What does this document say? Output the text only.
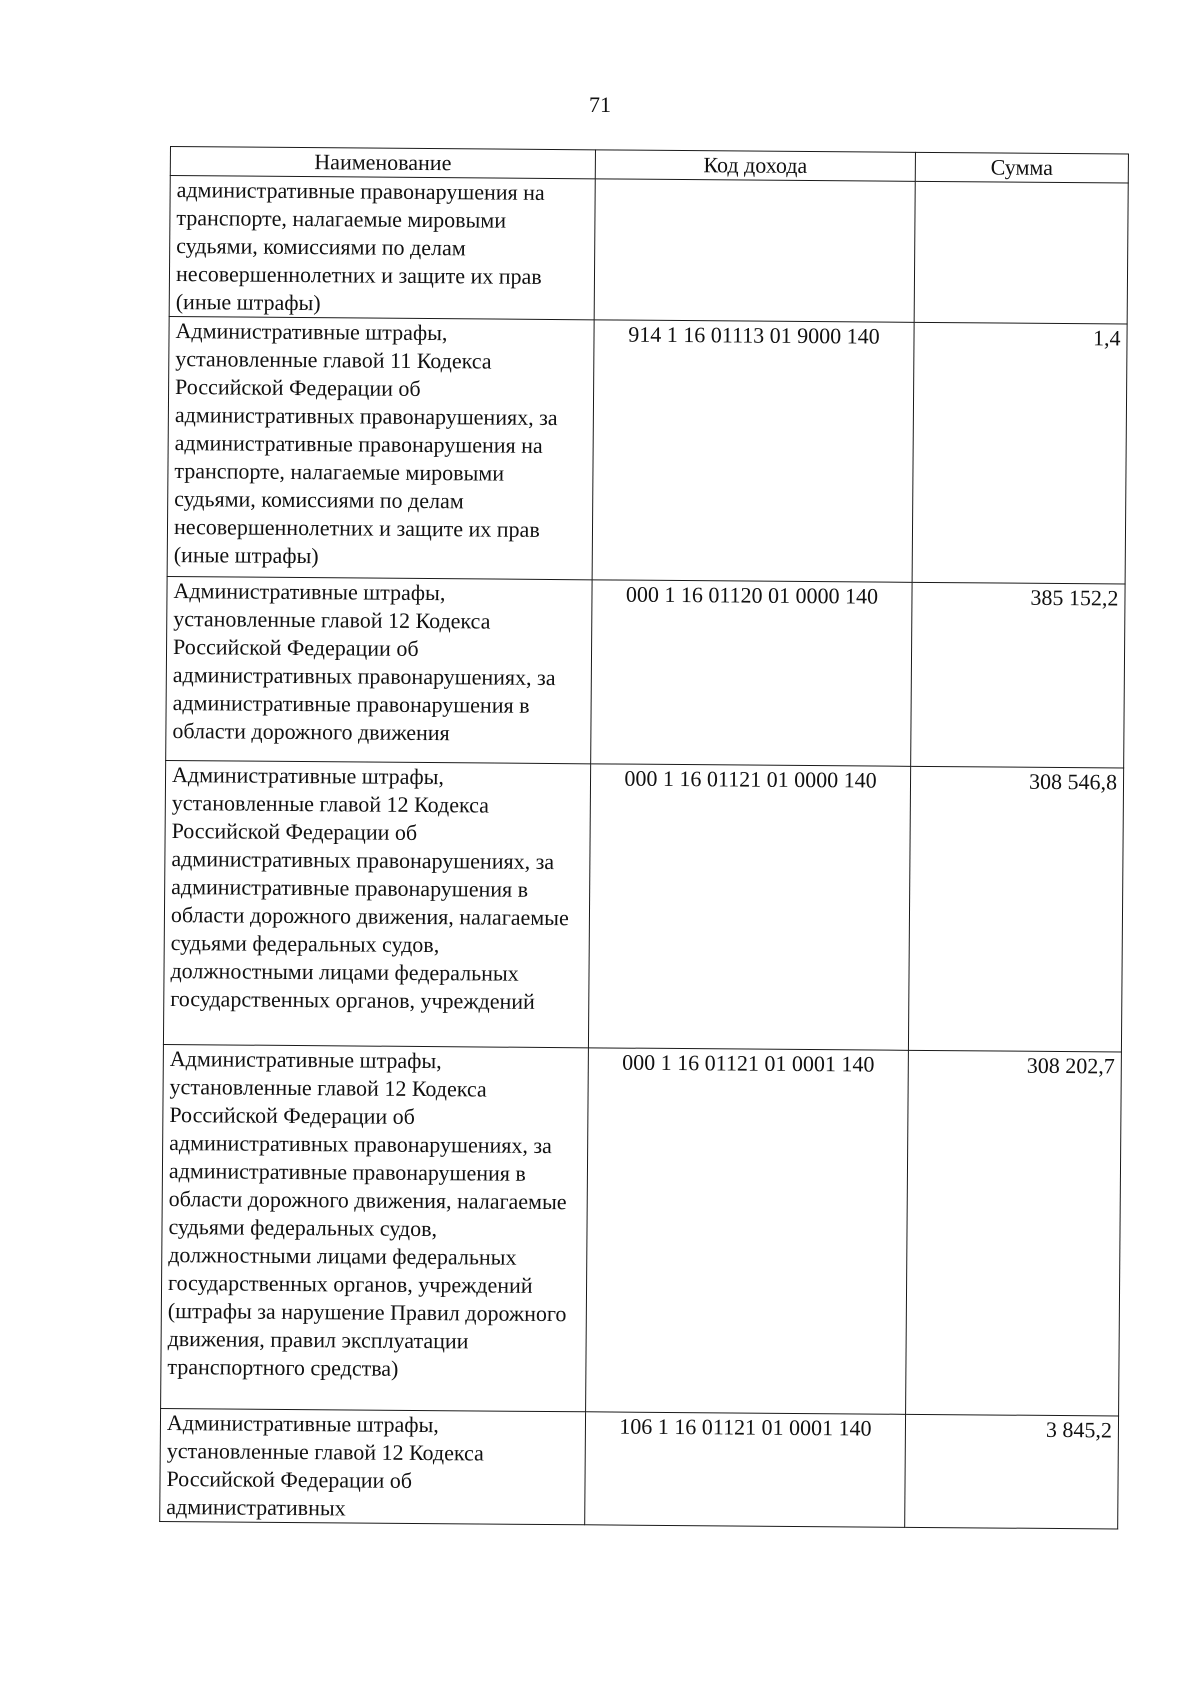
71
Наименование	Код дохода	Сумма
административные правонарушения на транспорте, налагаемые мировыми судьями, комиссиями по делам несовершеннолетних и защите их прав (иные штрафы)		
Административные штрафы, установленные главой 11 Кодекса Российской Федерации об административных правонарушениях, за административные правонарушения на транспорте, налагаемые мировыми судьями, комиссиями по делам несовершеннолетних и защите их прав (иные штрафы)	914 1 16 01113 01 9000 140	1,4
Административные штрафы, установленные главой 12 Кодекса Российской Федерации об административных правонарушениях, за административные правонарушения в области дорожного движения	000 1 16 01120 01 0000 140	385 152,2
Административные штрафы, установленные главой 12 Кодекса Российской Федерации об административных правонарушениях, за административные правонарушения в области дорожного движения, налагаемые судьями федеральных судов, должностными лицами федеральных государственных органов, учреждений	000 1 16 01121 01 0000 140	308 546,8
Административные штрафы, установленные главой 12 Кодекса Российской Федерации об административных правонарушениях, за административные правонарушения в области дорожного движения, налагаемые судьями федеральных судов, должностными лицами федеральных государственных органов, учреждений (штрафы за нарушение Правил дорожного движения, правил эксплуатации транспортного средства)	000 1 16 01121 01 0001 140	308 202,7
Административные штрафы, установленные главой 12 Кодекса Российской Федерации об административных	106 1 16 01121 01 0001 140	3 845,2
